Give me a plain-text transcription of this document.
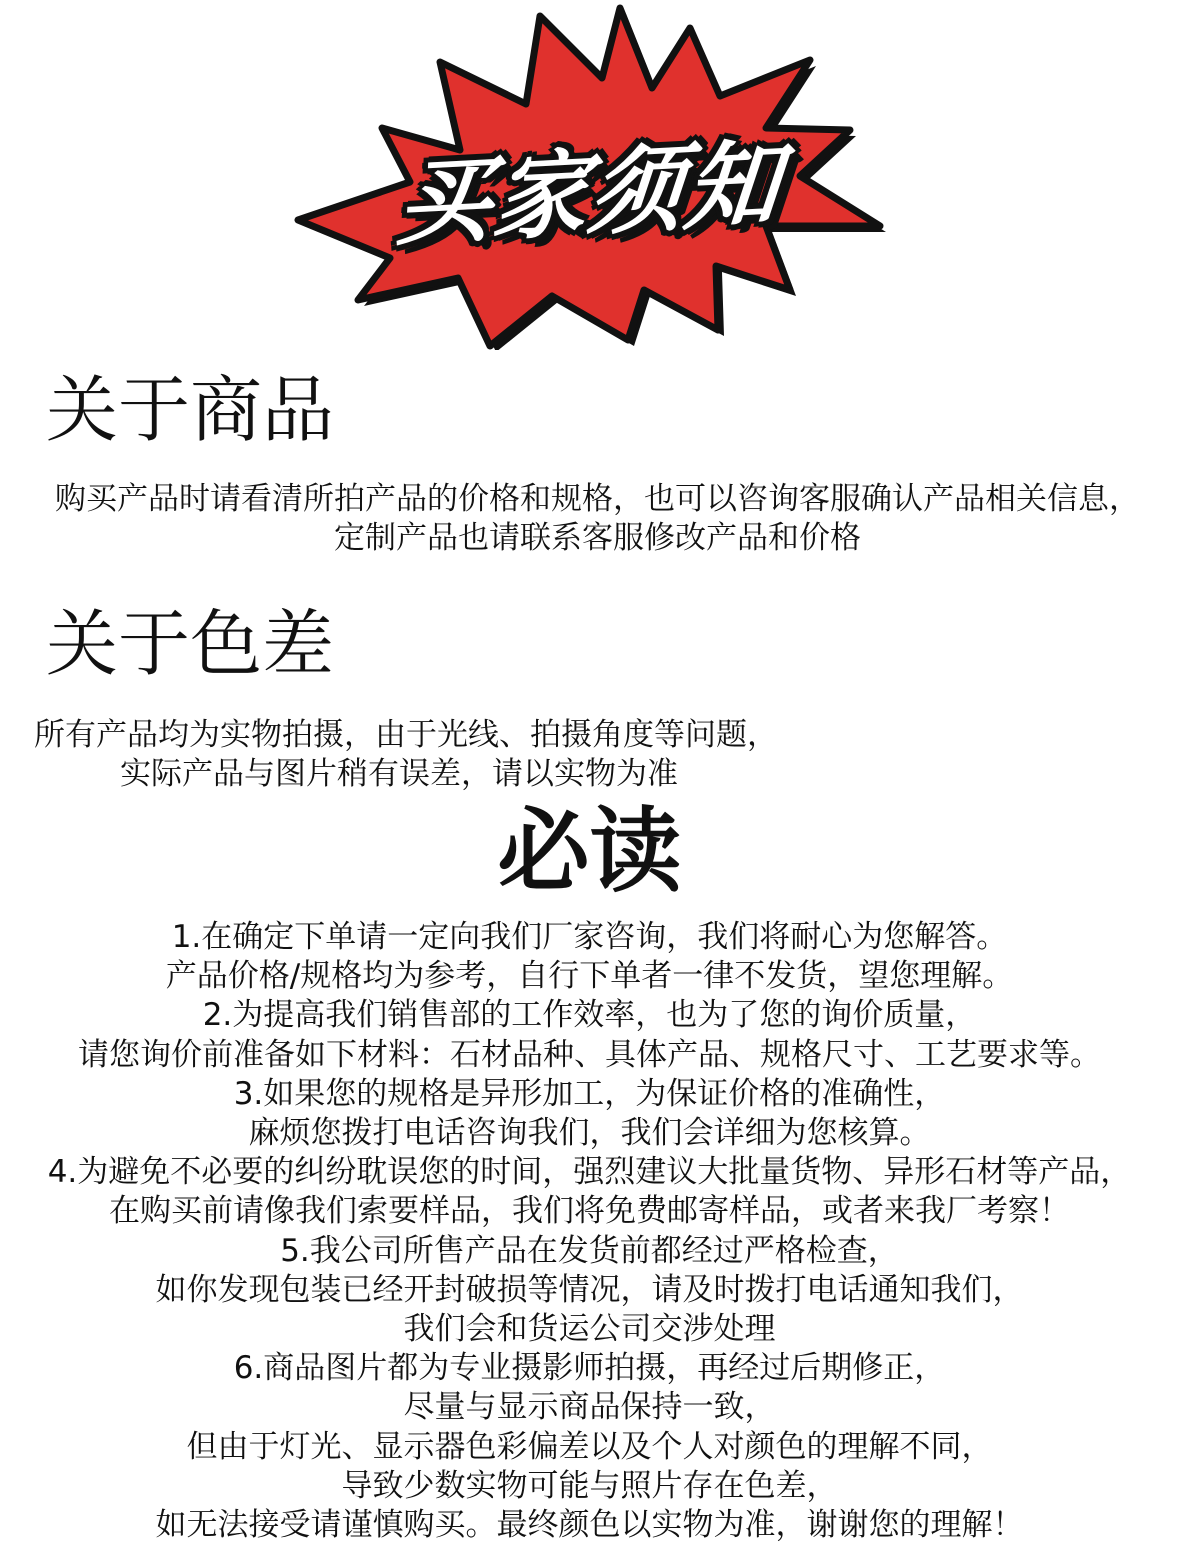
买家须知
关于商品
购买产品时请看清所拍产品的价格和规格，也可以咨询客服确认产品相关信息，
定制产品也请联系客服修改产品和价格
关于色差
所有产品均为实物拍摄，由于光线、拍摄角度等问题，
实际产品与图片稍有误差，请以实物为准
必读
1.在确定下单请一定向我们厂家咨询，我们将耐心为您解答。
产品价格/规格均为参考，自行下单者一律不发货，望您理解。
2.为提高我们销售部的工作效率，也为了您的询价质量，
请您询价前准备如下材料：石材品种、具体产品、规格尺寸、工艺要求等。
3.如果您的规格是异形加工，为保证价格的准确性，
麻烦您拨打电话咨询我们，我们会详细为您核算。
4.为避免不必要的纠纷耽误您的时间，强烈建议大批量货物、异形石材等产品，
在购买前请像我们索要样品，我们将免费邮寄样品，或者来我厂考察！
5.我公司所售产品在发货前都经过严格检查，
如你发现包装已经开封破损等情况，请及时拨打电话通知我们，
我们会和货运公司交涉处理
6.商品图片都为专业摄影师拍摄，再经过后期修正，
尽量与显示商品保持一致，
但由于灯光、显示器色彩偏差以及个人对颜色的理解不同，
导致少数实物可能与照片存在色差，
如无法接受请谨慎购买。最终颜色以实物为准，谢谢您的理解！
